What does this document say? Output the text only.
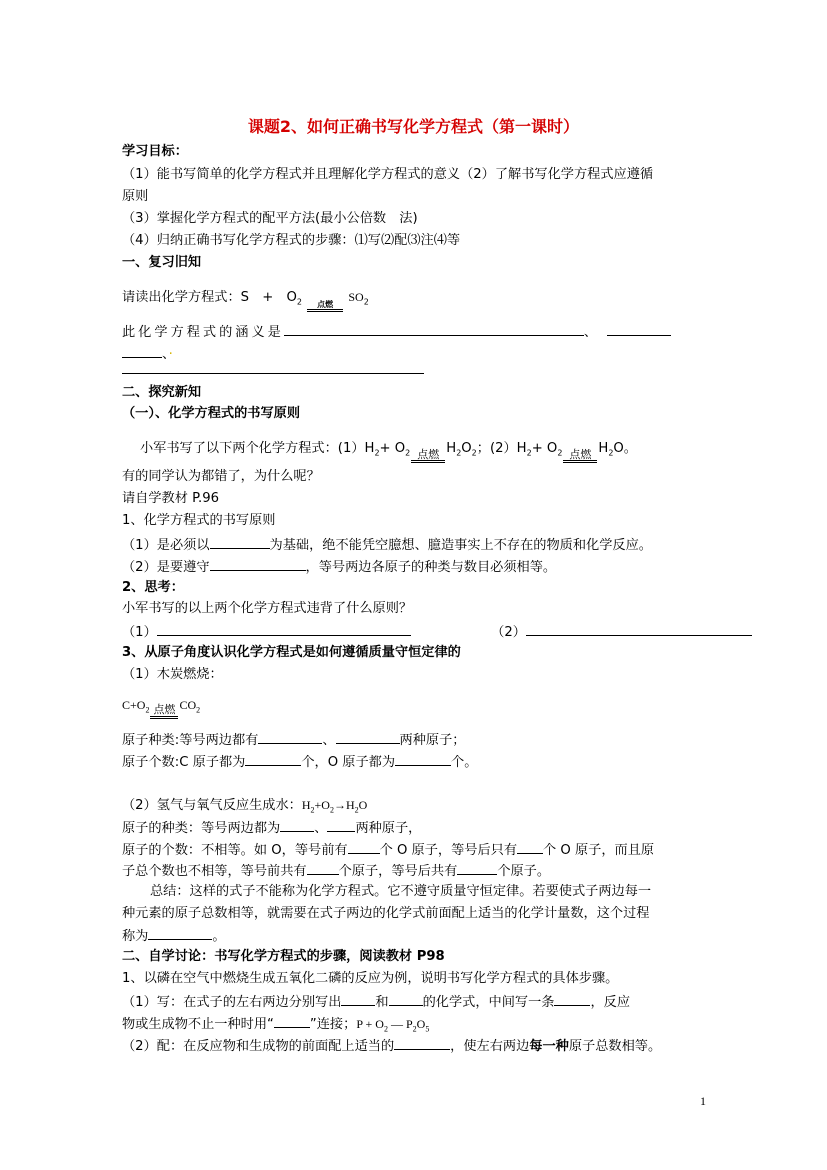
课题2、如何正确书写化学方程式（第一课时）
学习目标：
（1）能书写简单的化学方程式并且理解化学方程式的意义（2）了解书写化学方程式应遵循
原则
（3）掌握化学方程式的配平方法(最小公倍数　法)
（4）归纳正确书写化学方程式的步骤：⑴写⑵配⑶注⑷等
一、复习旧知
请读出化学方程式：S　+　$O_2$	点燃
$SO_2$
此化学方程式的涵义是	、
、·
二、探究新知
（一）、化学方程式的书写原则
小军书写了以下两个化学方程式：$(1)H_2+ O_2$ 点燃 $H_2O_2$；$(2)H_2+ O_2$ 点燃 $H_2O$。
有的同学认为都错了，为什么呢？
请自学教材 P.96
1、化学方程式的书写原则
（1）是必须以	为基础，绝不能凭空臆想、臆造事实上不存在的物质和化学反应。
（2）是要遵守	，等号两边各原子的种类与数目必须相等。
2、思考：
小军书写的以上两个化学方程式违背了什么原则？
（1）	（2）
3、从原子角度认识化学方程式是如何遵循质量守恒定律的
（1）木炭燃烧：
$C+O_2$ 点燃 $CO_2$
原子种类:等号两边都有	、	两种原子；
原子个数:C 原子都为	个，O 原子都为	个。
（2）氢气与氧气反应生成水：$H_2+O_2\to H_2O$
原子的种类：等号两边都为	、 两种原子，
原子的个数：不相等。如 O，等号前有 个 O 原子，等号后只有 个 O 原子，而且原
子总个数也不相等，等号前共有 个原子，等号后共有	个原子。
总结：这样的式子不能称为化学方程式。它不遵守质量守恒定律。若要使式子两边每一
种元素的原子总数相等，就需要在式子两边的化学式前面配上适当的化学计量数，这个过程
称为	。
二、自学讨论：书写化学方程式的步骤，阅读教材 P98
1、以磷在空气中燃烧生成五氧化二磷的反应为例，说明书写化学方程式的具体步骤。
（1）写：在式子的左右两边分别写出	和	的化学式，中间写一条	，反应
物或生成物不止一种时用“	”连接；$P + O_2$ — $P_2O_5$
（2）配：在反应物和生成物的前面配上适当的	，使左右两边每一种原子总数相等。
1
